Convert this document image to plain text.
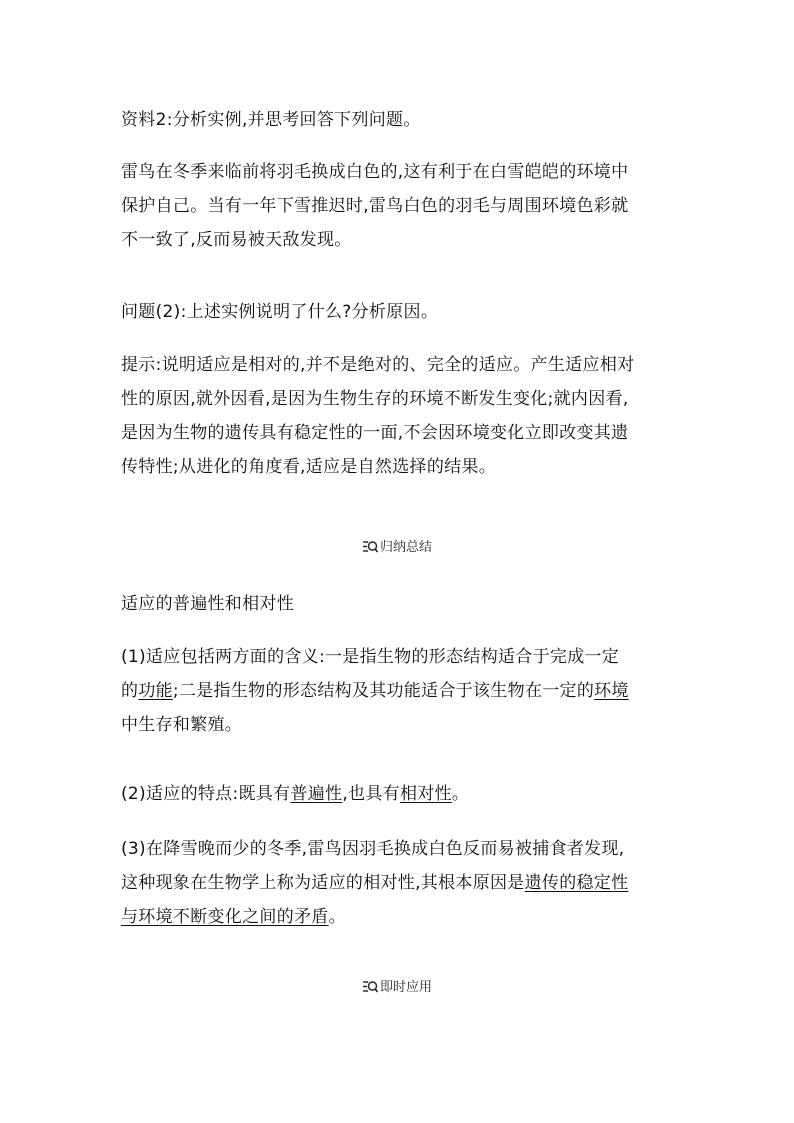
资料2:分析实例,并思考回答下列问题。
雷鸟在冬季来临前将羽毛换成白色的,这有利于在白雪皑皑的环境中
保护自己。当有一年下雪推迟时,雷鸟白色的羽毛与周围环境色彩就
不一致了,反而易被天敌发现。
问题(2):上述实例说明了什么?分析原因。
提示:说明适应是相对的,并不是绝对的、完全的适应。产生适应相对
性的原因,就外因看,是因为生物生存的环境不断发生变化;就内因看,
是因为生物的遗传具有稳定性的一面,不会因环境变化立即改变其遗
传特性;从进化的角度看,适应是自然选择的结果。
归纳总结
适应的普遍性和相对性
(1)适应包括两方面的含义:一是指生物的形态结构适合于完成一定
的功能;二是指生物的形态结构及其功能适合于该生物在一定的环境
中生存和繁殖。
(2)适应的特点:既具有普遍性,也具有相对性。
(3)在降雪晚而少的冬季,雷鸟因羽毛换成白色反而易被捕食者发现,
这种现象在生物学上称为适应的相对性,其根本原因是遗传的稳定性
与环境不断变化之间的矛盾。
即时应用
